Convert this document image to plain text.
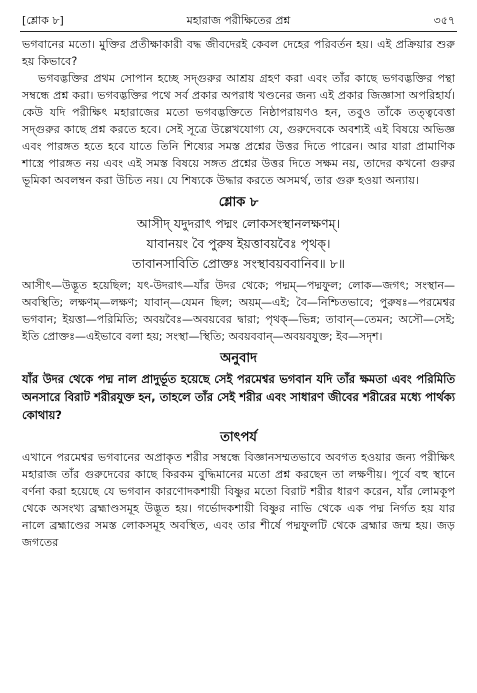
[শ্লোক ৮]	মহারাজ পরীক্ষিতের প্রশ্ন	৩৫৭

ভগবানের মতো। মুক্তির প্রতীক্ষাকারী বদ্ধ জীবদেরই কেবল দেহের পরিবর্তন হয়। এই প্রক্রিয়ার শুরু হয় কিভাবে?

ভগবদ্ভক্তির প্রথম সোপান হচ্ছে সদ্‌গুরুর আশ্রয় গ্রহণ করা এবং তাঁর কাছে ভগবদ্ভক্তির পন্থা সম্বন্ধে প্রশ্ন করা। ভগবদ্ভক্তির পথে সর্ব প্রকার অপরাধ খণ্ডনের জন্য এই প্রকার জিজ্ঞাসা অপরিহার্য। কেউ যদি পরীক্ষিৎ মহারাজের মতো ভগবদ্ভক্তিতে নিষ্ঠাপরায়ণও হন, তবুও তাঁকে তত্ত্ববেত্তা সদ্‌গুরুর কাছে প্রশ্ন করতে হবে। সেই সূত্রে উল্লেখযোগ্য যে, গুরুদেবকে অবশ্যই এই বিষয়ে অভিজ্ঞ এবং পারঙ্গত হতে হবে যাতে তিনি শিষ্যের সমস্ত প্রশ্নের উত্তর দিতে পারেন। আর যারা প্রামাণিক শাস্ত্রে পারঙ্গত নয় এবং এই সমস্ত বিষয়ে সঙ্গত প্রশ্নের উত্তর দিতে সক্ষম নয়, তাদের কখনো গুরুর ভূমিকা অবলম্বন করা উচিত নয়। যে শিষ্যকে উদ্ধার করতে অসমর্থ, তার গুরু হওয়া অন্যায়।

শ্লোক ৮
আসীদ্ যদুদরাৎ পদ্মং লোকসংস্থানলক্ষণম্।
যাবানয়ং বৈ পুরুষ ইয়ত্তাবয়বৈঃ পৃথক্।
তাবানসাবিতি প্রোক্তঃ সংস্থাবয়ববানিব॥ ৮॥

আসীৎ—উদ্ভূত হয়েছিল; যৎ-উদরাৎ—যাঁর উদর থেকে; পদ্মম্—পদ্মফুল; লোক—জগৎ; সংস্থান—অবস্থিতি; লক্ষণম্—লক্ষণ; যাবান্—যেমন ছিল; অয়ম্—এই; বৈ—নিশ্চিতভাবে; পুরুষঃ—পরমেশ্বর ভগবান; ইয়ত্তা—পরিমিতি; অবয়বৈঃ—অবয়বের দ্বারা; পৃথক্—ভিন্ন; তাবান্—তেমন; অসৌ—সেই; ইতি প্রোক্তঃ—এইভাবে বলা হয়; সংস্থা—স্থিতি; অবয়ববান্—অবয়বযুক্ত; ইব—সদৃশ।

অনুবাদ

যাঁর উদর থেকে পদ্ম নাল প্রাদুর্ভূত হয়েছে সেই পরমেশ্বর ভগবান যদি তাঁর ক্ষমতা এবং পরিমিতি অনসারে বিরাট শরীরযুক্ত হন, তাহলে তাঁর সেই শরীর এবং সাধারণ জীবের শরীরের মধ্যে পার্থক্য কোথায়?

তাৎপর্য

এখানে পরমেশ্বর ভগবানের অপ্রাকৃত শরীর সম্বন্ধে বিজ্ঞানসম্মতভাবে অবগত হওয়ার জন্য পরীক্ষিৎ মহারাজ তাঁর গুরুদেবের কাছে কিরকম বুদ্ধিমানের মতো প্রশ্ন করছেন তা লক্ষণীয়। পূর্বে বহু স্থানে বর্ণনা করা হয়েছে যে ভগবান কারণোদকশায়ী বিষ্ণুর মতো বিরাট শরীর ধারণ করেন, যাঁর লোমকূপ থেকে অসংখ্য ব্রহ্মাণ্ডসমূহ উদ্ভূত হয়। গর্ভোদকশায়ী বিষ্ণুর নাভি থেকে এক পদ্ম নির্গত হয় যার নালে ব্রহ্মাণ্ডের সমস্ত লোকসমূহ অবস্থিত, এবং তার শীর্ষে পদ্মফুলটি থেকে ব্রহ্মার জন্ম হয়। জড় জগতের
